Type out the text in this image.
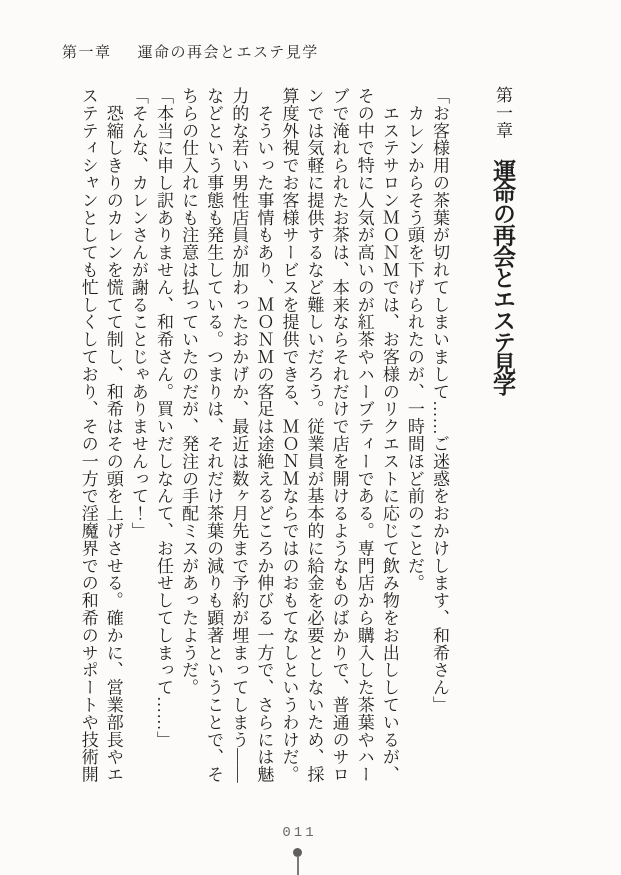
第一章 運命の再会とエステ見学
第一章運命の再会とエステ見学
「お客様用の茶葉が切れてしまいまして……ご迷惑をおかけします、和希さん」
　カレンからそう頭を下げられたのが、一時間ほど前のことだ。
　エステサロンＭＯＮＭでは、お客様のリクエストに応じて飲み物をお出ししているが、
その中で特に人気が高いのが紅茶やハーブティーである。専門店から購入した茶葉やハー
ブで淹れられたお茶は、本来ならそれだけで店を開けるようなものばかりで、普通のサロ
ンでは気軽に提供するなど難しいだろう。従業員が基本的に給金を必要としないため、採
算度外視でお客様サービスを提供できる、ＭＯＮＭならではのおもてなしというわけだ。
　そういった事情もあり、ＭＯＮＭの客足は途絶えるどころか伸びる一方で、さらには魅
力的な若い男性店員が加わったおかげか、最近は数ヶ月先まで予約が埋まってしまう――
などという事態も発生している。つまりは、それだけ茶葉の減りも顕著ということで、そ
ちらの仕入れにも注意は払っていたのだが、発注の手配ミスがあったようだ。
「本当に申し訳ありません、和希さん。買いだしなんて、お任せしてしまって……」
「そんな、カレンさんが謝ることじゃありませんって！」
　恐縮しきりのカレンを慌てて制し、和希はその頭を上げさせる。確かに、営業部長やエ
ステティシャンとしても忙しくしており、その一方で淫魔界での和希のサポートや技術開
011
